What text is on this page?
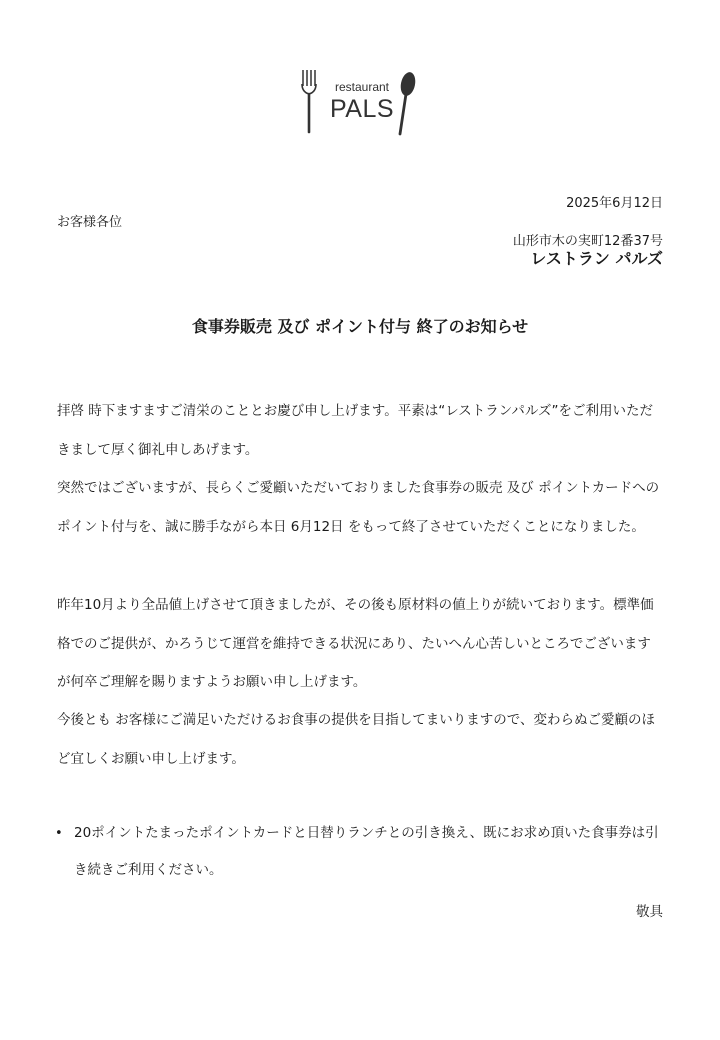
restaurant
PALS
2025年6月12日
お客様各位
山形市木の実町12番37号
レストラン パルズ
食事券販売 及び ポイント付与 終了のお知らせ

拝啓 時下ますますご清栄のこととお慶び申し上げます。平素は“レストランパルズ”をご利用いただきまして厚く御礼申しあげます。

突然ではございますが、長らくご愛顧いただいておりました食事券の販売 及び ポイントカードへのポイント付与を、誠に勝手ながら本日 6月12日 をもって終了させていただくことになりました。

昨年10月より全品値上げさせて頂きましたが、その後も原材料の値上りが続いております。標準価格でのご提供が、かろうじて運営を維持できる状況にあり、たいへん心苦しいところでございますが何卒ご理解を賜りますようお願い申し上げます。

今後とも お客様にご満足いただけるお食事の提供を目指してまいりますので、変わらぬご愛顧のほど宜しくお願い申し上げます。

• 20ポイントたまったポイントカードと日替りランチとの引き換え、既にお求め頂いた食事券は引き続きご利用ください。

敬具
